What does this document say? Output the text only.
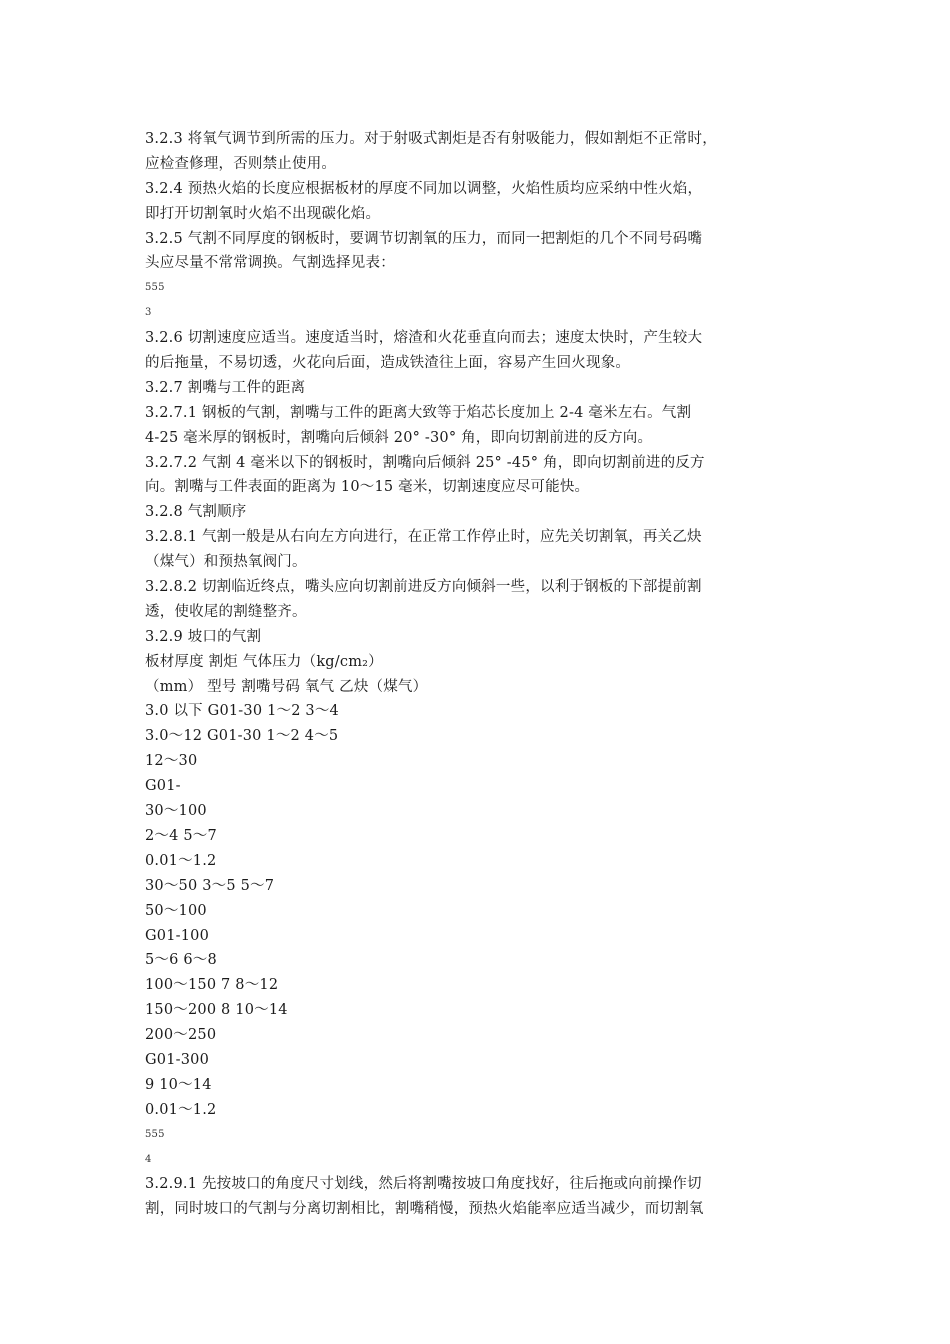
3.2.3 将氧气调节到所需的压力。对于射吸式割炬是否有射吸能力，假如割炬不正常时，
应检查修理，否则禁止使用。
3.2.4 预热火焰的长度应根据板材的厚度不同加以调整，火焰性质均应采纳中性火焰，
即打开切割氧时火焰不出现碳化焰。
3.2.5 气割不同厚度的钢板时，要调节切割氧的压力，而同一把割炬的几个不同号码嘴
头应尽量不常常调换。气割选择见表：
555
3
3.2.6 切割速度应适当。速度适当时，熔渣和火花垂直向而去；速度太快时，产生较大
的后拖量，不易切透，火花向后面，造成铁渣往上面，容易产生回火现象。
3.2.7 割嘴与工件的距离
3.2.7.1 钢板的气割，割嘴与工件的距离大致等于焰芯长度加上 2-4 毫米左右。气割
4-25 毫米厚的钢板时，割嘴向后倾斜 20° -30° 角，即向切割前进的反方向。
3.2.7.2 气割 4 毫米以下的钢板时，割嘴向后倾斜 25° -45° 角，即向切割前进的反方
向。割嘴与工件表面的距离为 10～15 毫米，切割速度应尽可能快。
3.2.8 气割顺序
3.2.8.1 气割一般是从右向左方向进行，在正常工作停止时，应先关切割氧，再关乙炔
（煤气）和预热氧阀门。
3.2.8.2 切割临近终点，嘴头应向切割前进反方向倾斜一些，以利于钢板的下部提前割
透，使收尾的割缝整齐。
3.2.9 坡口的气割
板材厚度 割炬 气体压力（kg/cm₂）
（mm） 型号 割嘴号码 氧气 乙炔（煤气）
3.0 以下 G01-30 1～2 3～4
3.0～12 G01-30 1～2 4～5
12～30
G01-
30～100
2～4 5～7
0.01～1.2
30～50 3～5 5～7
50～100
G01-100
5～6 6～8
100～150 7 8～12
150～200 8 10～14
200～250
G01-300
9 10～14
0.01～1.2
555
4
3.2.9.1 先按坡口的角度尺寸划线，然后将割嘴按坡口角度找好，往后拖或向前操作切
割，同时坡口的气割与分离切割相比，割嘴稍慢，预热火焰能率应适当减少，而切割氧
